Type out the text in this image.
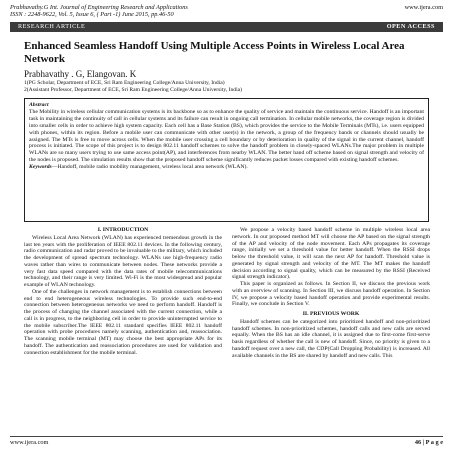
Prabhavathy.G Int. Journal of Engineering Research and Applications
ISSN : 2248-9622, Vol. 5, Issue 6, ( Part -1) June 2015, pp.46-50
www.ijera.com
RESEARCH ARTICLE	OPEN ACCESS
Enhanced Seamless Handoff Using Multiple Access Points in Wireless Local Area Network
Prabhavathy . G, Elangovan. K
1(PG Scholar, Department of ECE, Sri Ram Engineering College/Anna University, India)
2(Assistant Professor, Department of ECE, Sri Ram Engineering College/Anna University, India)
Abstract
The Mobility in wireless cellular communication systems is its backbone so as to enhance the quality of service and maintain the continuous service. Handoff is an important task in maintaining the continuity of call in cellular systems and its failure can result in ongoing call termination. In cellular mobile networks, the coverage region is divided into smaller cells in order to achieve high system capacity. Each cell has a Base Station (BS), which provides the service to the Mobile Terminals (MTs), i.e. users equipped with phones, within its region. Before a mobile user can communicate with other user(s) in the network, a group of the frequency bands or channels should usually be assigned. The MTs is free to move across cells. When the mobile user crossing a cell boundary or by deterioration in quality of the signal in the current channel, handoff process is initiated. The scope of this project is to design 802.11 handoff schemes to solve the handoff problem in closely-spaced WLANs.The major problem in multiple WLANs are so many users trying to use same access point(AP), and interferences from nearby WLAN. The better hand off scheme based on signal strength and velocity of the nodes is proposed. The simulation results show that the proposed handoff scheme significantly reduces packet losses compared with existing handoff schemes.
Keywords—Handoff, mobile radio mobility management, wireless local area network (WLAN).
I. INTRODUCTION

Wireless Local Area Network (WLAN) has experienced tremendous growth in the last ten years with the proliferation of IEEE 802.11 devices. In the following century, radio communication and radar proved to be invaluable to the military, which included the development of spread spectrum technology. WLANs use high-frequency radio waves rather than wires to communicate between nodes. These networks provide a very fast data speed compared with the data rates of mobile telecommunications technology, and their range is very limited. Wi-Fi is the most widespread and popular example of WLAN technology.

One of the challenges in network management is to establish connections between end to end heterogeneous wireless technologies. To provide such end-to-end connection between heterogeneous networks we need to perform handoff. Handoff is the process of changing the channel associated with the current connection, while a call is in progress, to the neighboring cell in order to provide uninterrupted service to the mobile subscriber.The IEEE 802.11 standard specifies IEEE 802.11 handoff operation with probe procedures namely scanning, authentication and, reassociation. The scanning mobile terminal (MT) may choose the best appropriate APs for its handoff. The authentication and reassociation procedures are used for validation and connection establishment for the mobile terminal.

We propose a velocity based handoff scheme in multiple wireless local area network. In our proposed method MT will choose the AP based on the signal strength of the AP and velocity of the node movement. Each APs propagates its coverage range, initially we set a threshold value for better handoff. When the RSSI drops below the threshold value, it will scan the next AP for handoff. Threshold value is generated by signal strength and velocity of the MT. The MT makes the handoff decision according to signal quality, which can be measured by the RSSI (Received signal strength indicator).

This paper is organized as follows. In Section II, we discuss the previous work with an overview of scanning. In Section III, we discuss handoff operation. In Section IV, we propose a velocity based handoff operation and provide experimental results. Finally, we conclude in Section V.

II. PREVIOUS WORK

Handoff schemes can be categorized into prioritized handoff and non-prioritized handoff schemes. In non-prioritized schemes, handoff calls and new calls are served equally. When the BS has an idle channel, it is assigned due to first-come first-serve basis regardless of whether the call is new of handoff. Since, no priority is given to a handoff request over a new call, the CDP(Call Dropping Probability) is increased. All available channels in the BS are shared by handoff and new calls. This

www.ijera.com	46 | P a g e
